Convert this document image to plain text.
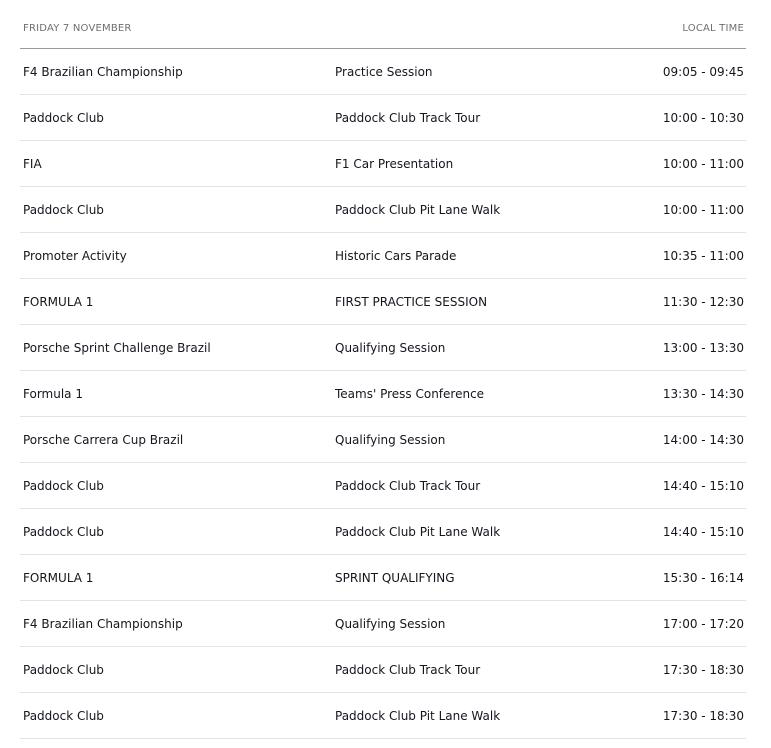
FRIDAY 7 NOVEMBER	LOCAL TIME
F4 Brazilian Championship	Practice Session	09:05 - 09:45
Paddock Club	Paddock Club Track Tour	10:00 - 10:30
FIA	F1 Car Presentation	10:00 - 11:00
Paddock Club	Paddock Club Pit Lane Walk	10:00 - 11:00
Promoter Activity	Historic Cars Parade	10:35 - 11:00
FORMULA 1	FIRST PRACTICE SESSION	11:30 - 12:30
Porsche Sprint Challenge Brazil	Qualifying Session	13:00 - 13:30
Formula 1	Teams' Press Conference	13:30 - 14:30
Porsche Carrera Cup Brazil	Qualifying Session	14:00 - 14:30
Paddock Club	Paddock Club Track Tour	14:40 - 15:10
Paddock Club	Paddock Club Pit Lane Walk	14:40 - 15:10
FORMULA 1	SPRINT QUALIFYING	15:30 - 16:14
F4 Brazilian Championship	Qualifying Session	17:00 - 17:20
Paddock Club	Paddock Club Track Tour	17:30 - 18:30
Paddock Club	Paddock Club Pit Lane Walk	17:30 - 18:30
